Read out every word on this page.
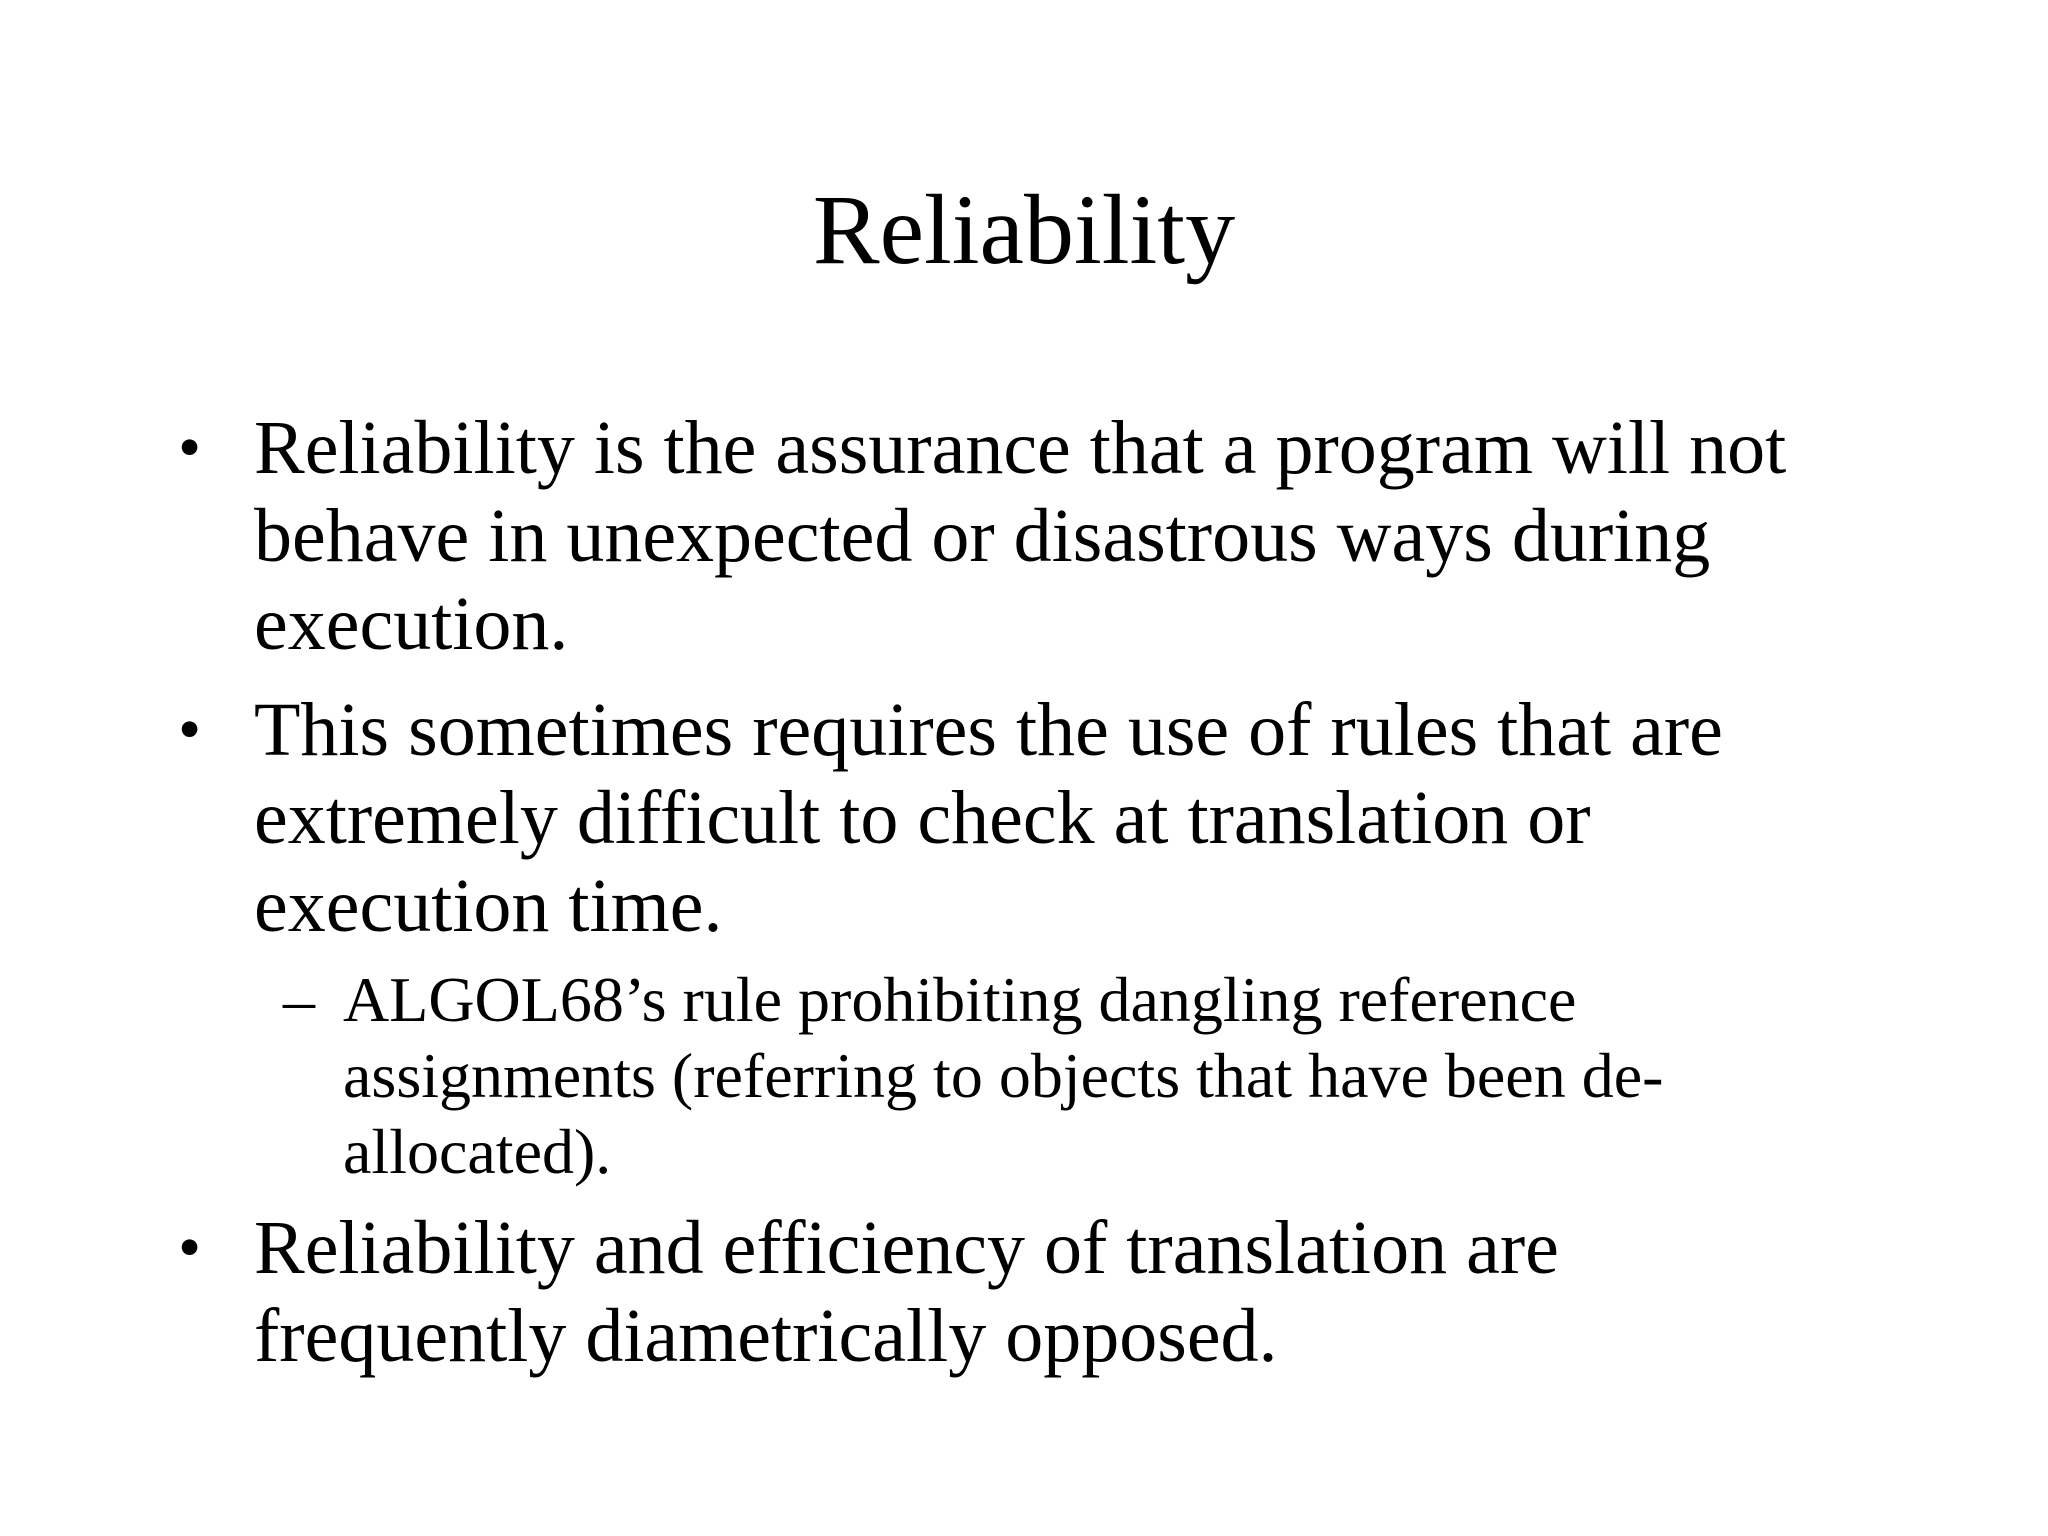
Reliability
• Reliability is the assurance that a program will not
behave in unexpected or disastrous ways during
execution.
• This sometimes requires the use of rules that are
extremely difficult to check at translation or
execution time.
– ALGOL68’s rule prohibiting dangling reference
assignments (referring to objects that have been de-
allocated).
• Reliability and efficiency of translation are
frequently diametrically opposed.
